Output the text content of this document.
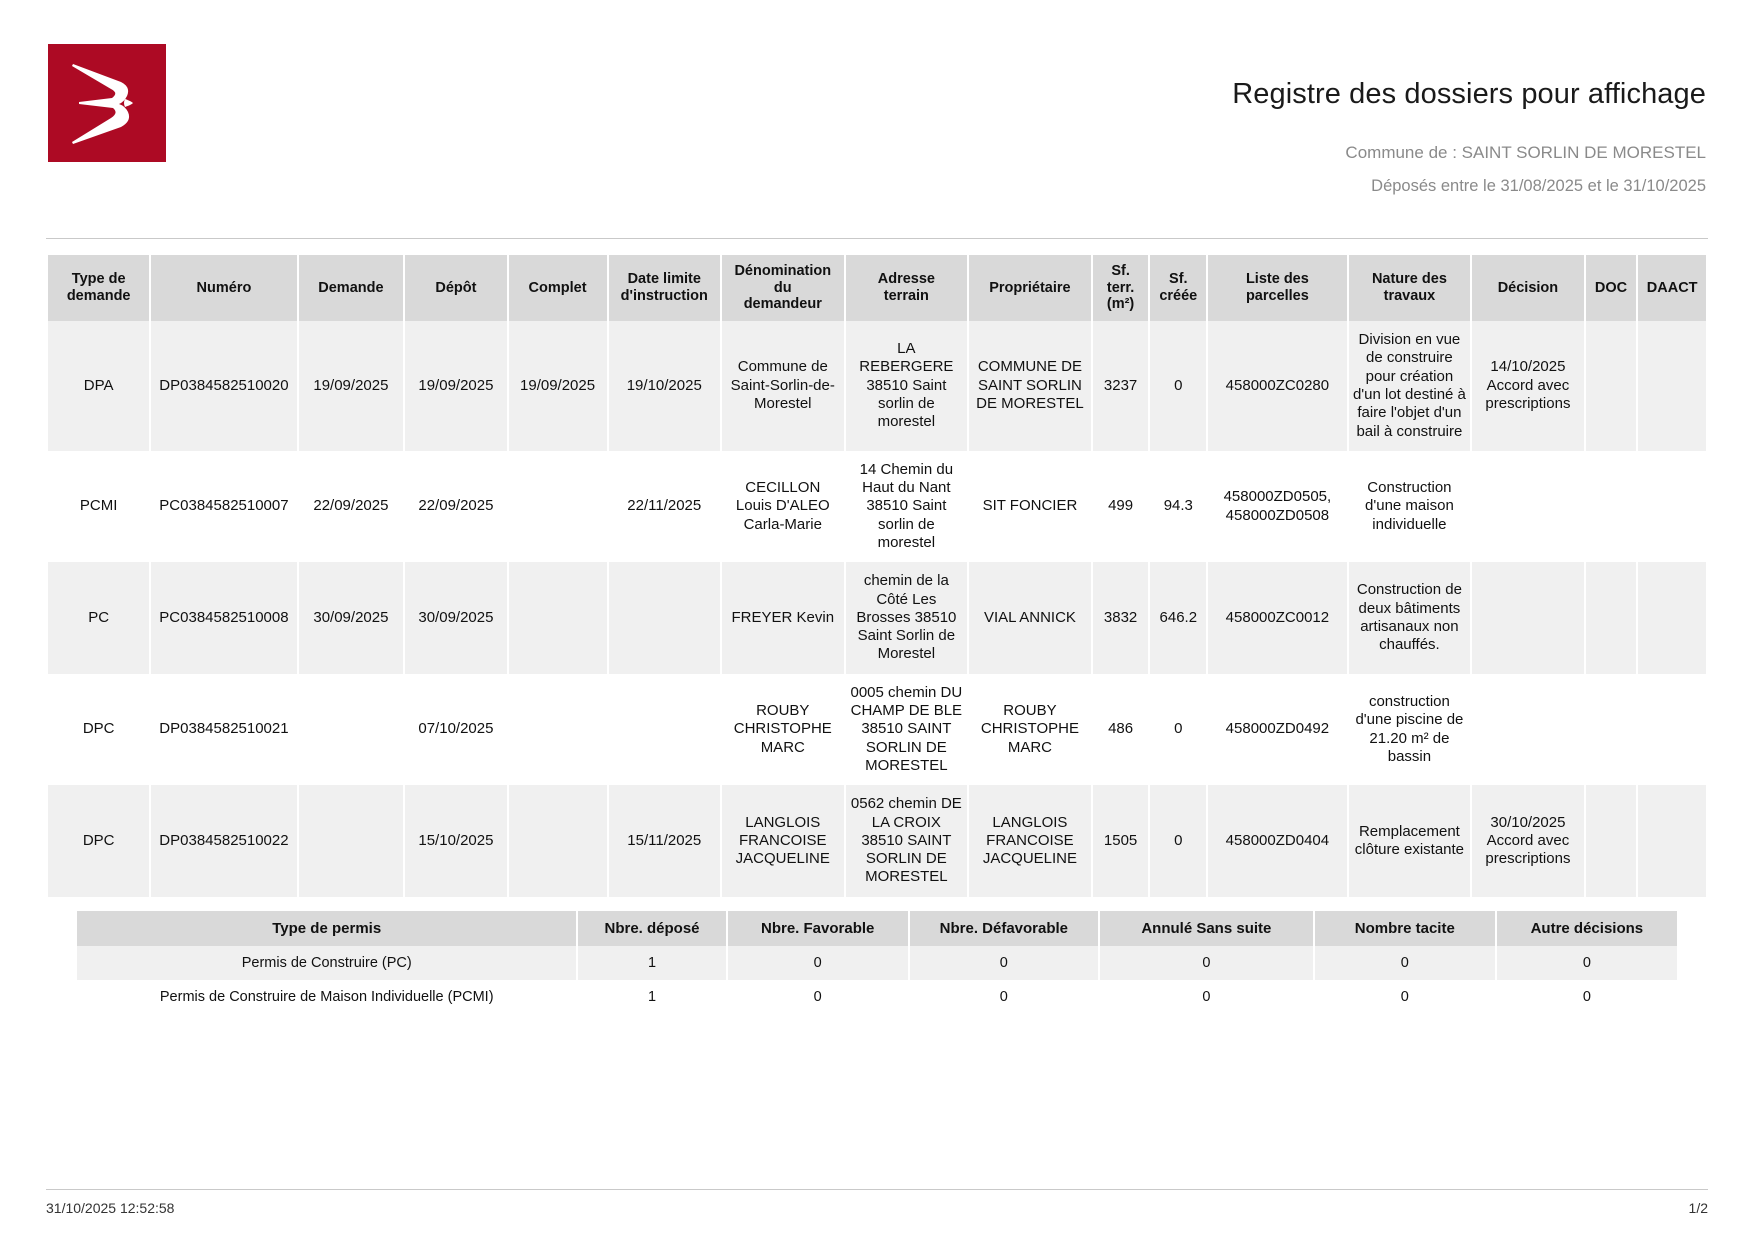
Registre des dossiers pour affichage
Commune de : SAINT SORLIN DE MORESTEL
Déposés entre le 31/08/2025 et le 31/10/2025
Type de
demande	Numéro	Demande	Dépôt	Complet	Date limite
d'instruction	Dénomination
du
demandeur	Adresse
terrain	Propriétaire	Sf.
terr.
(m²)	Sf.
créée	Liste des
parcelles	Nature des
travaux	Décision	DOC	DAACT
DPA	DP0384582510020	19/09/2025	19/09/2025	19/09/2025	19/10/2025	Commune de Saint-Sorlin-de-Morestel	LA REBERGERE 38510 Saint sorlin de morestel	COMMUNE DE SAINT SORLIN DE MORESTEL	3237	0	458000ZC0280	Division en vue de construire pour création d'un lot destiné à faire l'objet d'un bail à construire	14/10/2025 Accord avec prescriptions		
PCMI	PC0384582510007	22/09/2025	22/09/2025		22/11/2025	CECILLON Louis D'ALEO Carla-Marie	14 Chemin du Haut du Nant 38510 Saint sorlin de morestel	SIT FONCIER	499	94.3	458000ZD0505, 458000ZD0508	Construction d'une maison individuelle			
PC	PC0384582510008	30/09/2025	30/09/2025			FREYER Kevin	chemin de la Côté Les Brosses 38510 Saint Sorlin de Morestel	VIAL ANNICK	3832	646.2	458000ZC0012	Construction de deux bâtiments artisanaux non chauffés.			
DPC	DP0384582510021		07/10/2025			ROUBY CHRISTOPHE MARC	0005 chemin DU CHAMP DE BLE 38510 SAINT SORLIN DE MORESTEL	ROUBY CHRISTOPHE MARC	486	0	458000ZD0492	construction d'une piscine de 21.20 m² de bassin			
DPC	DP0384582510022		15/10/2025		15/11/2025	LANGLOIS FRANCOISE JACQUELINE	0562 chemin DE LA CROIX 38510 SAINT SORLIN DE MORESTEL	LANGLOIS FRANCOISE JACQUELINE	1505	0	458000ZD0404	Remplacement clôture existante	30/10/2025 Accord avec prescriptions		
Type de permis	Nbre. déposé	Nbre. Favorable	Nbre. Défavorable	Annulé Sans suite	Nombre tacite	Autre décisions
Permis de Construire (PC)	1	0	0	0	0	0
Permis de Construire de Maison Individuelle (PCMI)	1	0	0	0	0	0
31/10/2025 12:52:58	1/2
